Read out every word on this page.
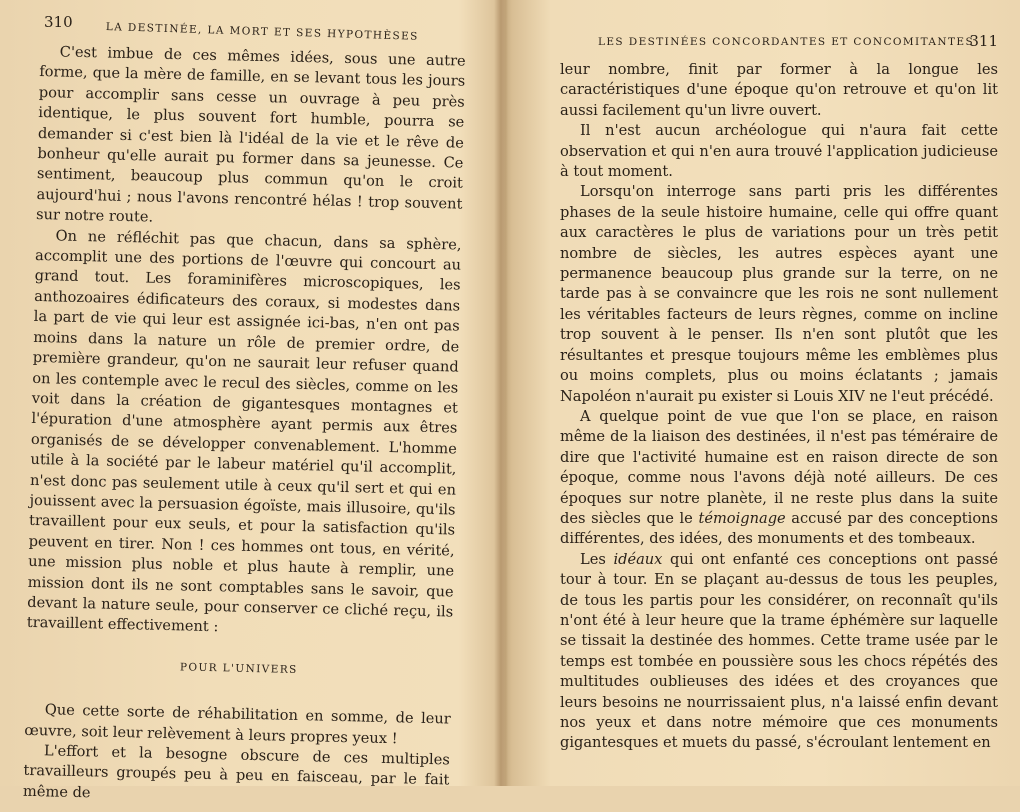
310	LA DESTINÉE, LA MORT ET SES HYPOTHÈSES

C'est imbue de ces mêmes idées, sous une autre forme, que la mère de famille, en se levant tous les jours pour accomplir sans cesse un ouvrage à peu près identique, le plus souvent fort humble, pourra se demander si c'est bien là l'idéal de la vie et le rêve de bonheur qu'elle aurait pu former dans sa jeunesse. Ce sentiment, beaucoup plus commun qu'on le croit aujourd'hui ; nous l'avons rencontré hélas ! trop souvent sur notre route.

On ne réfléchit pas que chacun, dans sa sphère, accomplit une des portions de l'œuvre qui concourt au grand tout. Les foraminifères microscopiques, les anthozoaires édificateurs des coraux, si modestes dans la part de vie qui leur est assignée ici-bas, n'en ont pas moins dans la nature un rôle de premier ordre, de première grandeur, qu'on ne saurait leur refuser quand on les contemple avec le recul des siècles, comme on les voit dans la création de gigantesques montagnes et l'épuration d'une atmosphère ayant permis aux êtres organisés de se développer convenablement. L'homme utile à la société par le labeur matériel qu'il accomplit, n'est donc pas seulement utile à ceux qu'il sert et qui en jouissent avec la persuasion égoïste, mais illusoire, qu'ils travaillent pour eux seuls, et pour la satisfaction qu'ils peuvent en tirer. Non ! ces hommes ont tous, en vérité, une mission plus noble et plus haute à remplir, une mission dont ils ne sont comptables sans le savoir, que devant la nature seule, pour conserver ce cliché reçu, ils travaillent effectivement :

POUR L'UNIVERS

Que cette sorte de réhabilitation en somme, de leur œuvre, soit leur relèvement à leurs propres yeux !

L'effort et la besogne obscure de ces multiples travailleurs groupés peu à peu en faisceau, par le fait même de

LES DESTINÉES CONCORDANTES ET CONCOMITANTES
311

leur nombre, finit par former à la longue les caractéristiques d'une époque qu'on retrouve et qu'on lit aussi facilement qu'un livre ouvert.

Il n'est aucun archéologue qui n'aura fait cette observation et qui n'en aura trouvé l'application judicieuse à tout moment.

Lorsqu'on interroge sans parti pris les différentes phases de la seule histoire humaine, celle qui offre quant aux caractères le plus de variations pour un très petit nombre de siècles, les autres espèces ayant une permanence beaucoup plus grande sur la terre, on ne tarde pas à se convaincre que les rois ne sont nullement les véritables facteurs de leurs règnes, comme on incline trop souvent à le penser. Ils n'en sont plutôt que les résultantes et presque toujours même les emblèmes plus ou moins complets, plus ou moins éclatants ; jamais Napoléon n'aurait pu exister si Louis XIV ne l'eut précédé.

A quelque point de vue que l'on se place, en raison même de la liaison des destinées, il n'est pas téméraire de dire que l'activité humaine est en raison directe de son époque, comme nous l'avons déjà noté ailleurs. De ces époques sur notre planète, il ne reste plus dans la suite des siècles que le témoignage accusé par des conceptions différentes, des idées, des monuments et des tombeaux.

Les idéaux qui ont enfanté ces conceptions ont passé tour à tour. En se plaçant au-dessus de tous les peuples, de tous les partis pour les considérer, on reconnaît qu'ils n'ont été à leur heure que la trame éphémère sur laquelle se tissait la destinée des hommes. Cette trame usée par le temps est tombée en poussière sous les chocs répétés des multitudes oublieuses des idées et des croyances que leurs besoins ne nourrissaient plus, n'a laissé enfin devant nos yeux et dans notre mémoire que ces monuments gigantesques et muets du passé, s'écroulant lentement en
